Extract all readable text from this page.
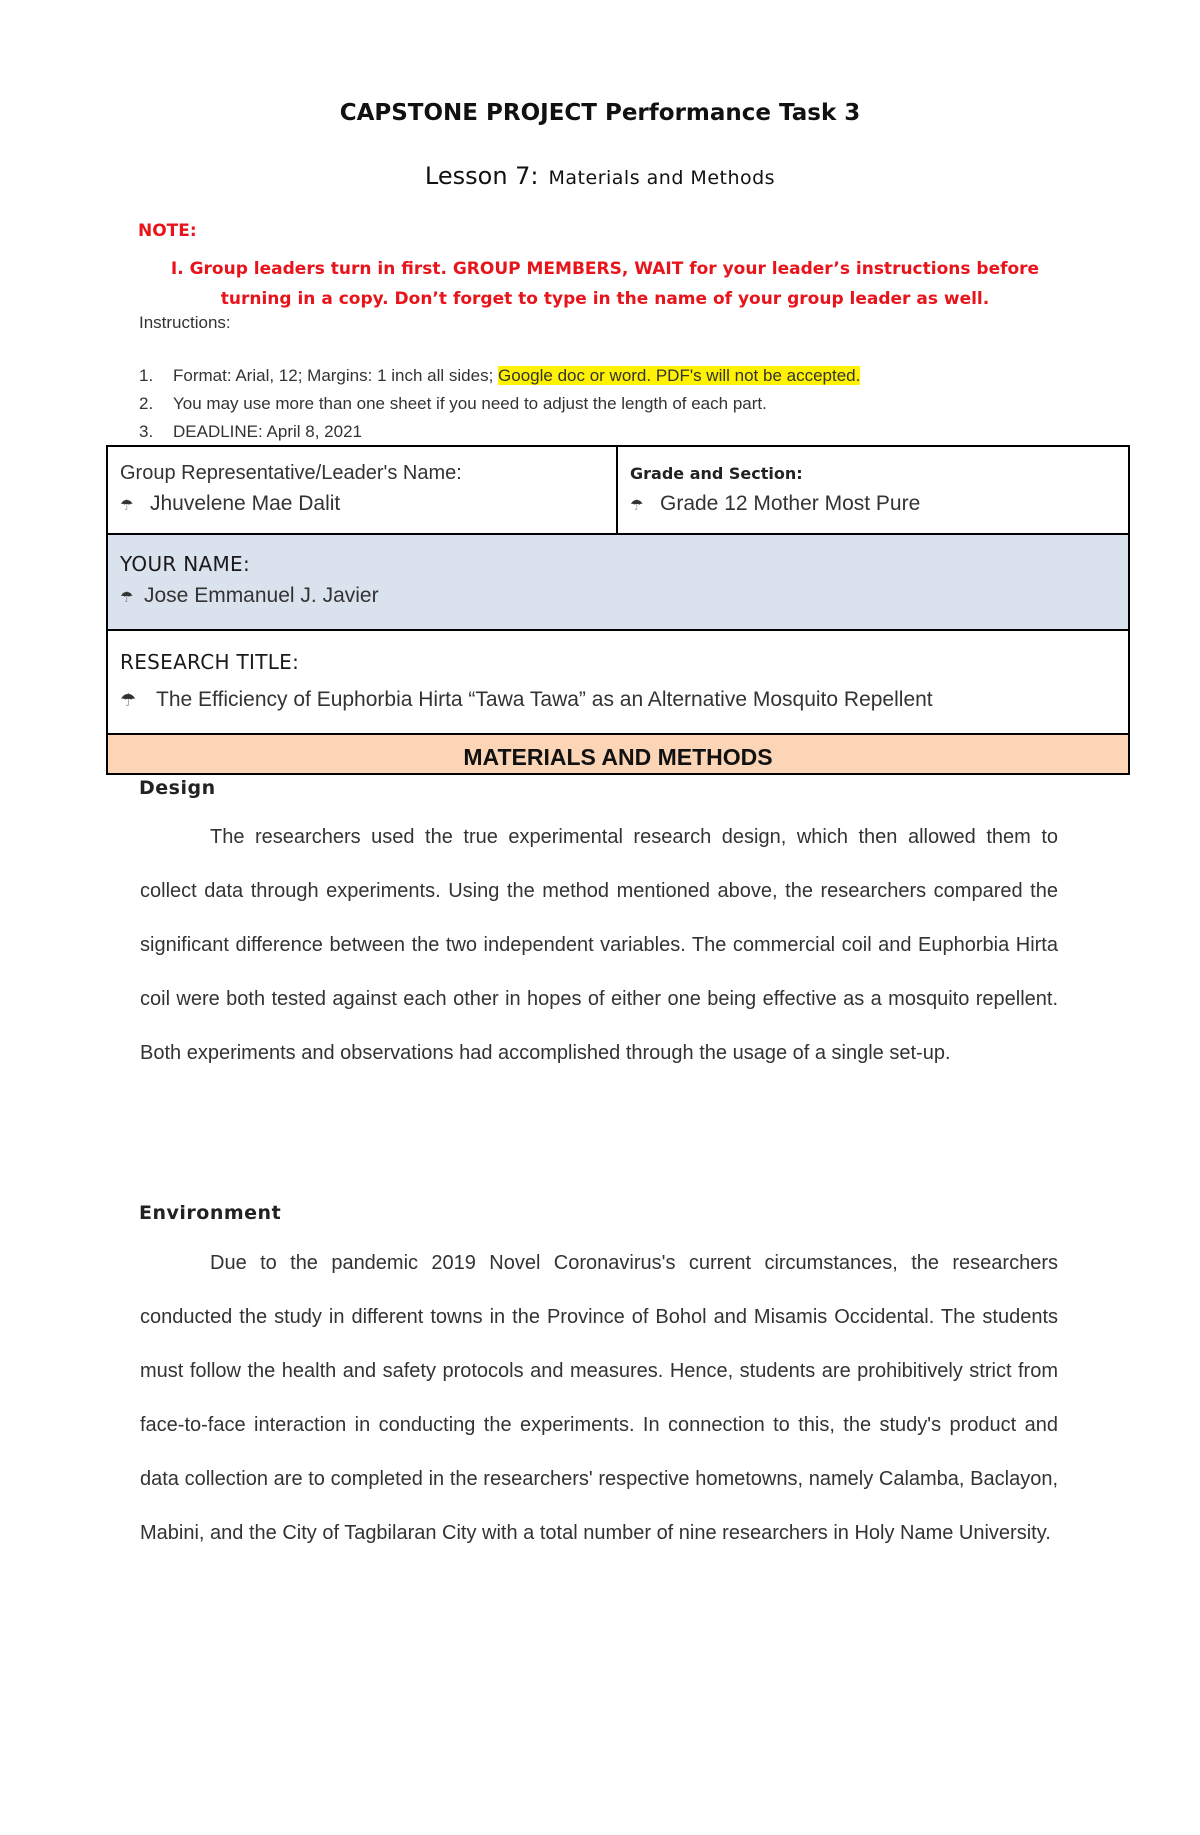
CAPSTONE PROJECT Performance Task 3
Lesson 7: Materials and Methods
NOTE:
I. Group leaders turn in first. GROUP MEMBERS, WAIT for your leader’s instructions before turning in a copy. Don’t forget to type in the name of your group leader as well.
Instructions:
1. Format: Arial, 12; Margins: 1 inch all sides; Google doc or word. PDF's will not be accepted.
2. You may use more than one sheet if you need to adjust the length of each part.
3. DEADLINE: April 8, 2021
Group Representative/Leader's Name:
☂ Jhuvelene Mae Dalit
Grade and Section:
☂ Grade 12 Mother Most Pure
YOUR NAME:
☂ Jose Emmanuel J. Javier
RESEARCH TITLE:
☂ The Efficiency of Euphorbia Hirta “Tawa Tawa” as an Alternative Mosquito Repellent
MATERIALS AND METHODS
Design

The researchers used the true experimental research design, which then allowed them to collect data through experiments. Using the method mentioned above, the researchers compared the significant difference between the two independent variables. The commercial coil and Euphorbia Hirta coil were both tested against each other in hopes of either one being effective as a mosquito repellent. Both experiments and observations had accomplished through the usage of a single set-up.

Environment

Due to the pandemic 2019 Novel Coronavirus's current circumstances, the researchers conducted the study in different towns in the Province of Bohol and Misamis Occidental. The students must follow the health and safety protocols and measures. Hence, students are prohibitively strict from face-to-face interaction in conducting the experiments. In connection to this, the study's product and data collection are to completed in the researchers' respective hometowns, namely Calamba, Baclayon, Mabini, and the City of Tagbilaran City with a total number of nine researchers in Holy Name University.
